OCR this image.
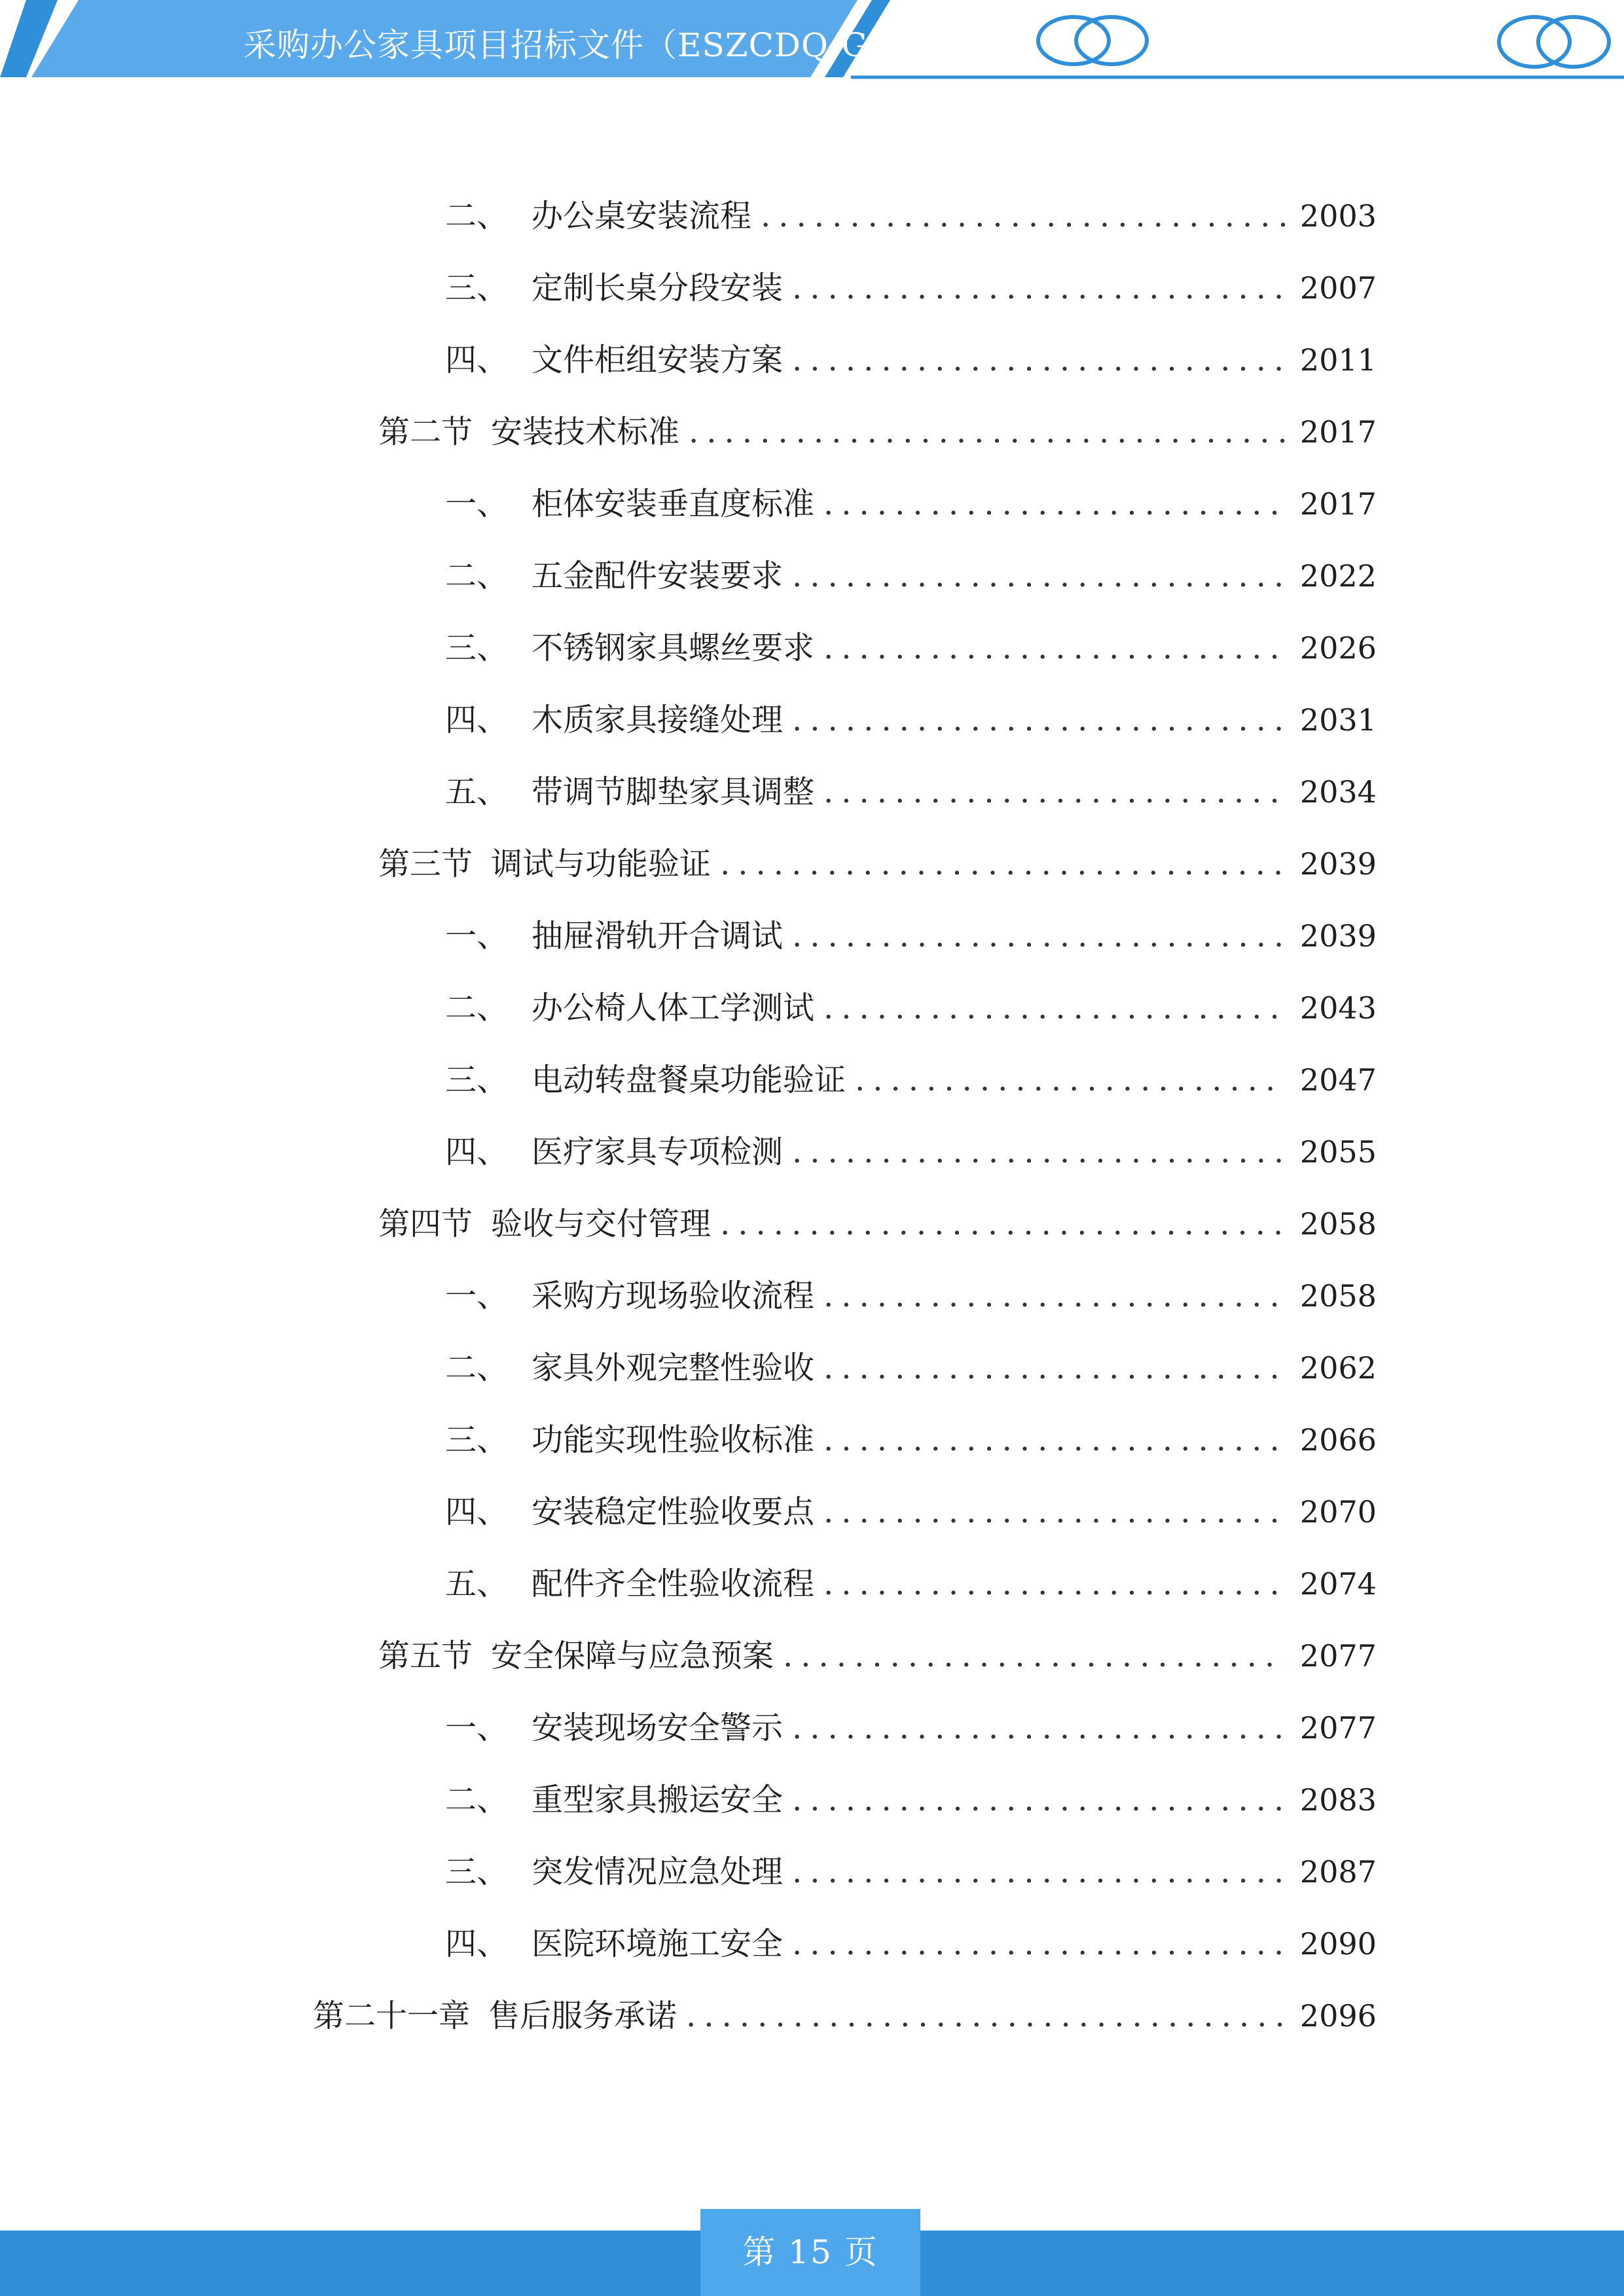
采购办公家具项目招标文件（ESZCDQ-G-H
二、 办公桌安装流程 .....	2003
三、 定制长桌分段安装 .....	2007
四、 文件柜组安装方案 .....	2011
第二节 安装技术标准 .....	2017
一、 柜体安装垂直度标准 .....	2017
二、 五金配件安装要求 .....	2022
三、 不锈钢家具螺丝要求 .....	2026
四、 木质家具接缝处理 .....	2031
五、 带调节脚垫家具调整 .....	2034
第三节 调试与功能验证 .....	2039
一、 抽屉滑轨开合调试 .....	2039
二、 办公椅人体工学测试 .....	2043
三、 电动转盘餐桌功能验证 .....	2047
四、 医疗家具专项检测 .....	2055
第四节 验收与交付管理 .....	2058
一、 采购方现场验收流程 .....	2058
二、 家具外观完整性验收 .....	2062
三、 功能实现性验收标准 .....	2066
四、 安装稳定性验收要点 .....	2070
五、 配件齐全性验收流程 .....	2074
第五节 安全保障与应急预案 .....	2077
一、 安装现场安全警示 .....	2077
二、 重型家具搬运安全 .....	2083
三、 突发情况应急处理 .....	2087
四、 医院环境施工安全 .....	2090
第二十一章 售后服务承诺 .....	2096
第 15 页
